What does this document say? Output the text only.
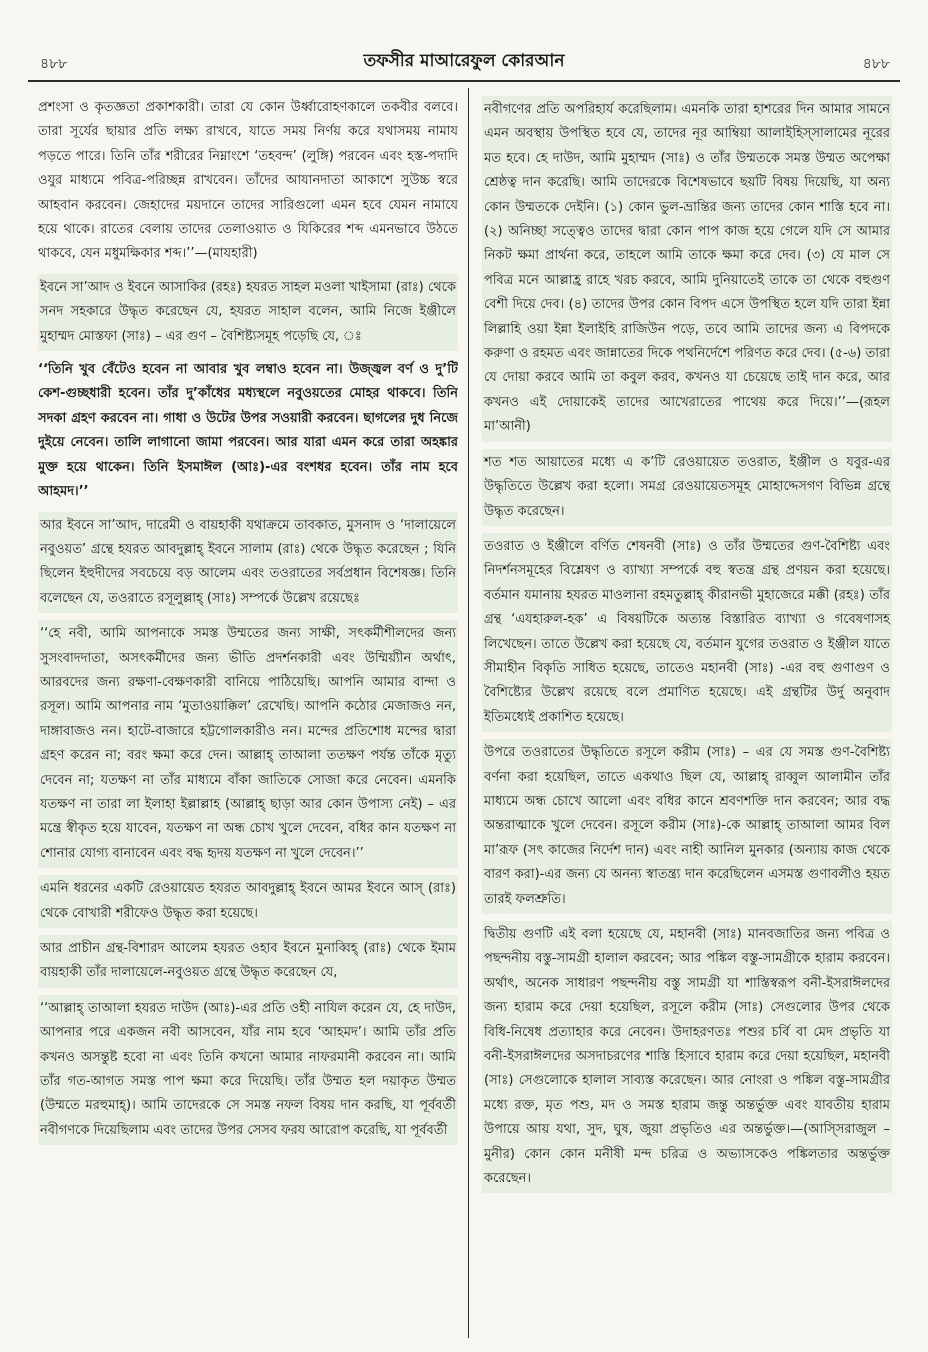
৪৮৮	তফসীর মাআরেফুল কোরআন	৪৮৮

প্রশংসা ও কৃতজ্ঞতা প্রকাশকারী। তারা যে কোন উর্ধ্বারোহণকালে তকবীর বলবে। তারা সূর্যের ছায়ার প্রতি লক্ষ্য রাখবে, যাতে সময় নির্ণয় করে যথাসময় নামায পড়তে পারে। তিনি তাঁর শরীরের নিম্নাংশে ‘তহবন্দ’ (লুঙ্গি) পরবেন এবং হস্ত-পদাদি ওযুর মাধ্যমে পবিত্র-পরিচ্ছন্ন রাখবেন। তাঁদের আযানদাতা আকাশে সুউচ্চ স্বরে আহবান করবেন। জেহাদের ময়দানে তাদের সারিগুলো এমন হবে যেমন নামাযে হয়ে থাকে। রাতের বেলায় তাদের তেলাওয়াত ও যিকিরের শব্দ এমনভাবে উঠতে থাকবে, যেন মধুমক্ষিকার শব্দ।’’—(মাযহারী)

ইবনে সা’আদ ও ইবনে আসাকির (রহঃ) হযরত সাহল মওলা খাইসামা (রাঃ) থেকে সনদ সহকারে উদ্ধৃত করেছেন যে, হযরত সাহাল বলেন, আমি নিজে ইঞ্জীলে মুহাম্মদ মোস্তফা (সাঃ) – এর গুণ – বৈশিষ্ট্যসমূহ পড়েছি যে, ঃ

‘‘তিনি খুব বেঁটেও হবেন না আবার খুব লম্বাও হবেন না। উজ্জ্বল বর্ণ ও দু’টি কেশ-গুচ্ছধারী হবেন। তাঁর দু’কাঁধের মধ্যস্থলে নবুওয়তের মোহর থাকবে। তিনি সদকা গ্রহণ করবেন না। গাধা ও উটের উপর সওয়ারী করবেন। ছাগলের দুধ নিজে দুইয়ে নেবেন। তালি লাগানো জামা পরবেন। আর যারা এমন করে তারা অহঙ্কার মুক্ত হয়ে থাকেন। তিনি ইসমাঈল (আঃ)-এর বংশধর হবেন। তাঁর নাম হবে আহমদ।’’

আর ইবনে সা’আদ, দারেমী ও বায়হাকী যথাক্রমে তাবকাত, মুসনাদ ও ‘দালায়েলে নবুওয়ত’ গ্রন্থে হযরত আবদুল্লাহ্ ইবনে সালাম (রাঃ) থেকে উদ্ধৃত করেছেন ; যিনি ছিলেন ইহুদীদের সবচেয়ে বড় আলেম এবং তওরাতের সর্বপ্রধান বিশেষজ্ঞ। তিনি বলেছেন যে, তওরাতে রসূলুল্লাহ্ (সাঃ) সম্পর্কে উল্লেখ রয়েছেঃ

‘‘হে নবী, আমি আপনাকে সমস্ত উম্মতের জন্য সাক্ষী, সৎকর্মীশীলদের জন্য সুসংবাদদাতা, অসৎকর্মীদের জন্য ভীতি প্রদর্শনকারী এবং উম্মিয়্যীন অর্থাৎ, আরবদের জন্য রক্ষণা-বেক্ষণকারী বানিয়ে পাঠিয়েছি। আপনি আমার বান্দা ও রসূল। আমি আপনার নাম ‘মুতাওয়াক্কিল’ রেখেছি। আপনি কঠোর মেজাজও নন, দাঙ্গাবাজও নন। হাটে-বাজারে হট্টগোলকারীও নন। মন্দের প্রতিশোধ মন্দের দ্বারা গ্রহণ করেন না; বরং ক্ষমা করে দেন। আল্লাহ্ তাআলা ততক্ষণ পর্যন্ত তাঁকে মৃত্যু দেবেন না; যতক্ষণ না তাঁর মাধ্যমে বাঁকা জাতিকে সোজা করে নেবেন। এমনকি যতক্ষণ না তারা লা ইলাহা ইল্লাল্লাহ (আল্লাহ্ ছাড়া আর কোন উপাস্য নেই) – এর মন্ত্রে স্বীকৃত হয়ে যাবেন, যতক্ষণ না অন্ধ চোখ খুলে দেবেন, বধির কান যতক্ষণ না শোনার যোগ্য বানাবেন এবং বদ্ধ হৃদয় যতক্ষণ না খুলে দেবেন।’’

এমনি ধরনের একটি রেওয়ায়েত হযরত আবদুল্লাহ্ ইবনে আমর ইবনে আস্ (রাঃ) থেকে বোখারী শরীফেও উদ্ধৃত করা হয়েছে।

আর প্রাচীন গ্রন্থ-বিশারদ আলেম হযরত ওহাব ইবনে মুনাব্বিহ্ (রাঃ) থেকে ইমাম বায়হাকী তাঁর দালায়েলে-নবুওয়ত গ্রন্থে উদ্ধৃত করেছেন যে,

‘‘আল্লাহ্ তাআলা হযরত দাউদ (আঃ)-এর প্রতি ওহী নাযিল করেন যে, হে দাউদ, আপনার পরে একজন নবী আসবেন, যাঁর নাম হবে ‘আহমদ’। আমি তাঁর প্রতি কখনও অসন্তুষ্ট হবো না এবং তিনি কখনো আমার নাফরমানী করবেন না। আমি তাঁর গত-আগত সমস্ত পাপ ক্ষমা করে দিয়েছি। তাঁর উম্মত হল দয়াকৃত উম্মত (উম্মতে মরহুমাহ্)। আমি তাদেরকে সে সমস্ত নফল বিষয় দান করছি, যা পূর্ববর্তী নবীগণকে দিয়েছিলাম এবং তাদের উপর সেসব ফরয আরোপ করেছি, যা পূর্ববর্তী

নবীগণের প্রতি অপরিহার্য করেছিলাম। এমনকি তারা হাশরের দিন আমার সামনে এমন অবস্থায় উপস্থিত হবে যে, তাদের নূর আম্বিয়া আলাইহিস্সালামের নূরের মত হবে। হে দাউদ, আমি মুহাম্মদ (সাঃ) ও তাঁর উম্মতকে সমস্ত উম্মত অপেক্ষা শ্রেষ্ঠত্ব দান করেছি। আমি তাদেরকে বিশেষভাবে ছয়টি বিষয় দিয়েছি, যা অন্য কোন উম্মতকে দেইনি। (১) কোন ভুল-ভ্রান্তির জন্য তাদের কোন শাস্তি হবে না। (২) অনিচ্ছা সত্ত্বেও তাদের দ্বারা কোন পাপ কাজ হয়ে গেলে যদি সে আমার নিকট ক্ষমা প্রার্থনা করে, তাহলে আমি তাকে ক্ষমা করে দেব। (৩) যে মাল সে পবিত্র মনে আল্লাহ্র রাহে খরচ করবে, আমি দুনিয়াতেই তাকে তা থেকে বহুগুণ বেশী দিয়ে দেব। (৪) তাদের উপর কোন বিপদ এসে উপস্থিত হলে যদি তারা ইন্না লিল্লাহি ওয়া ইন্না ইলাইহি রাজিউন পড়ে, তবে আমি তাদের জন্য এ বিপদকে করুণা ও রহমত এবং জান্নাতের দিকে পথনির্দেশে পরিণত করে দেব। (৫-৬) তারা যে দোয়া করবে আমি তা কবুল করব, কখনও যা চেয়েছে তাই দান করে, আর কখনও এই দোয়াকেই তাদের আখেরাতের পাথেয় করে দিয়ে।’’—(রূহল মা’আনী)

শত শত আয়াতের মধ্যে এ ক’টি রেওয়ায়েত তওরাত, ইঞ্জীল ও যবুর-এর উদ্ধৃতিতে উল্লেখ করা হলো। সমগ্র রেওয়ায়েতসমূহ মোহাদ্দেসগণ বিভিন্ন গ্রন্থে উদ্ধৃত করেছেন।

তওরাত ও ইঞ্জীলে বর্ণিত শেষনবী (সাঃ) ও তাঁর উম্মতের গুণ-বৈশিষ্ট্য এবং নিদর্শনসমূহের বিশ্লেষণ ও ব্যাখ্যা সম্পর্কে বহু স্বতন্ত্র গ্রন্থ প্রণয়ন করা হয়েছে। বর্তমান যমানায় হযরত মাওলানা রহমতুল্লাহ্ কীরানভী মুহাজেরে মক্কী (রহঃ) তাঁর গ্রন্থ ‘এযহারুল-হক’ এ বিষয়টিকে অত্যন্ত বিস্তারিত ব্যাখ্যা ও গবেষণাসহ লিখেছেন। তাতে উল্লেখ করা হয়েছে যে, বর্তমান যুগের তওরাত ও ইঞ্জীল যাতে সীমাহীন বিকৃতি সাধিত হয়েছে, তাতেও মহানবী (সাঃ) -এর বহু গুণাগুণ ও বৈশিষ্ট্যের উল্লেখ রয়েছে বলে প্রমাণিত হয়েছে। এই গ্রন্থটির উর্দু অনুবাদ ইতিমধ্যেই প্রকাশিত হয়েছে।

উপরে তওরাতের উদ্ধৃতিতে রসূলে করীম (সাঃ) – এর যে সমস্ত গুণ-বৈশিষ্ট্য বর্ণনা করা হয়েছিল, তাতে একথাও ছিল যে, আল্লাহ্ রাব্বুল আলামীন তাঁর মাধ্যমে অন্ধ চোখে আলো এবং বধির কানে শ্রবণশক্তি দান করবেন; আর বদ্ধ অন্তরাত্মাকে খুলে দেবেন। রসূলে করীম (সাঃ)-কে আল্লাহ্ তাআলা আমর বিল মা’রূফ (সৎ কাজের নির্দেশ দান) এবং নাহী আনিল মুনকার (অন্যায় কাজ থেকে বারণ করা)-এর জন্য যে অনন্য স্বাতন্ত্র্য দান করেছিলেন এসমস্ত গুণাবলীও হয়ত তারই ফলশ্রুতি।

দ্বিতীয় গুণটি এই বলা হয়েছে যে, মহানবী (সাঃ) মানবজাতির জন্য পবিত্র ও পছন্দনীয় বস্তু-সামগ্রী হালাল করবেন; আর পঙ্কিল বস্তু-সামগ্রীকে হারাম করবেন। অর্থাৎ, অনেক সাধারণ পছন্দনীয় বস্তু সামগ্রী যা শাস্তিস্বরূপ বনী-ইসরাঈলদের জন্য হারাম করে দেয়া হয়েছিল, রসূলে করীম (সাঃ) সেগুলোর উপর থেকে বিধি-নিষেধ প্রত্যাহার করে নেবেন। উদাহরণতঃ পশুর চর্বি বা মেদ প্রভৃতি যা বনী-ইসরাঈলদের অসদাচরণের শাস্তি হিসাবে হারাম করে দেয়া হয়েছিল, মহানবী (সাঃ) সেগুলোকে হালাল সাব্যস্ত করেছেন। আর নোংরা ও পঙ্কিল বস্তু-সামগ্রীর মধ্যে রক্ত, মৃত পশু, মদ ও সমস্ত হারাম জন্তু অন্তর্ভুক্ত এবং যাবতীয় হারাম উপায়ে আয় যথা, সুদ, ঘুষ, জুয়া প্রভৃতিও এর অন্তর্ভুক্ত।—(আস্সিরাজুল –মুনীর) কোন কোন মনীষী মন্দ চরিত্র ও অভ্যাসকেও পঙ্কিলতার অন্তর্ভুক্ত করেছেন।
